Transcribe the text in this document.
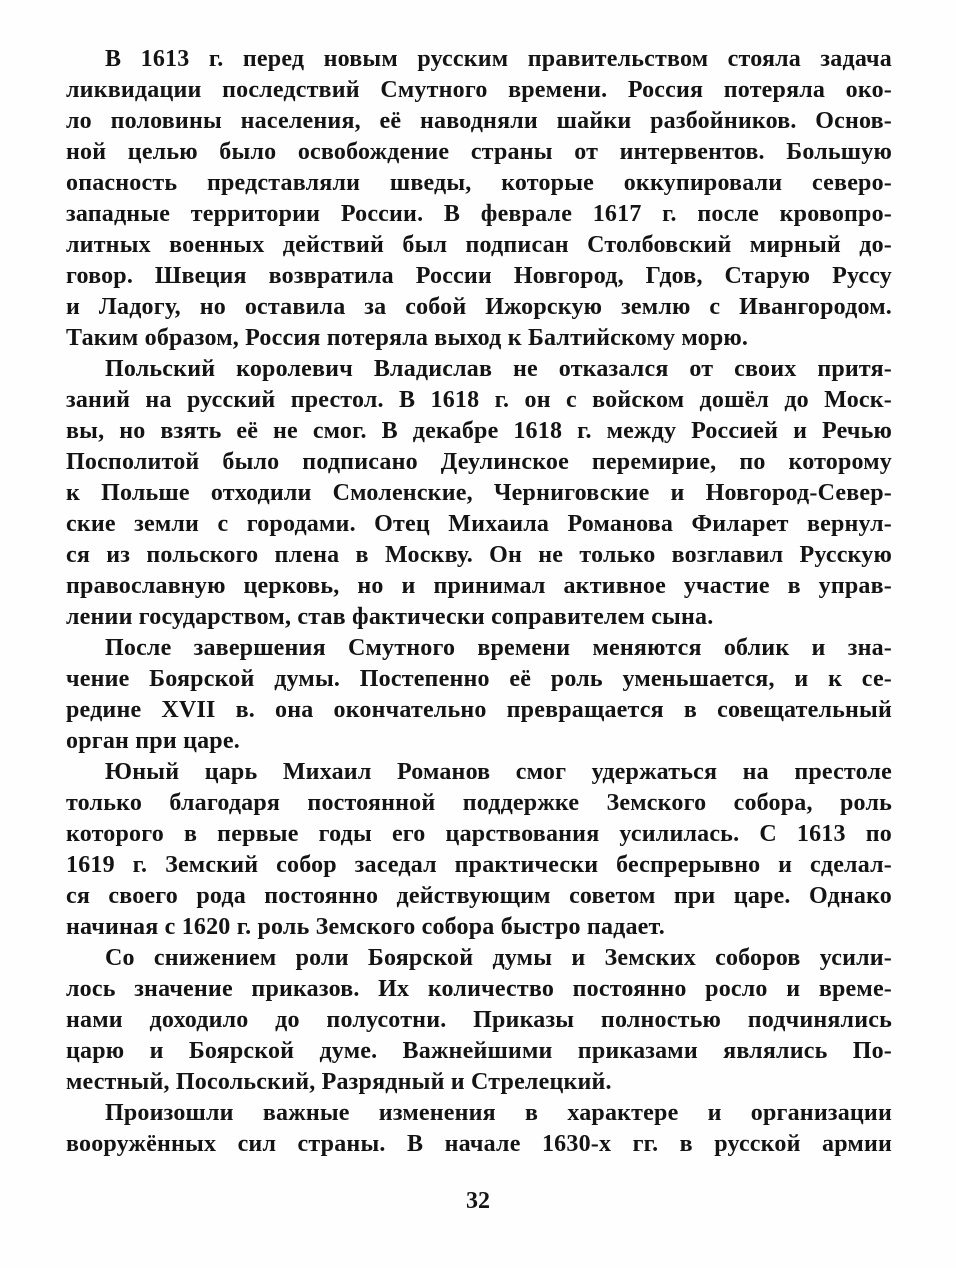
В 1613 г. перед новым русским правительством стояла задача
ликвидации последствий Смутного времени. Россия потеряла око-
ло половины населения, её наводняли шайки разбойников. Основ-
ной целью было освобождение страны от интервентов. Большую
опасность представляли шведы, которые оккупировали северо-
западные территории России. В феврале 1617 г. после кровопро-
литных военных действий был подписан Столбовский мирный до-
говор. Швеция возвратила России Новгород, Гдов, Старую Руссу
и Ладогу, но оставила за собой Ижорскую землю с Ивангородом.
Таким образом, Россия потеряла выход к Балтийскому морю.
Польский королевич Владислав не отказался от своих притя-
заний на русский престол. В 1618 г. он с войском дошёл до Моск-
вы, но взять её не смог. В декабре 1618 г. между Россией и Речью
Посполитой было подписано Деулинское перемирие, по которому
к Польше отходили Смоленские, Черниговские и Новгород-Север-
ские земли с городами. Отец Михаила Романова Филарет вернул-
ся из польского плена в Москву. Он не только возглавил Русскую
православную церковь, но и принимал активное участие в управ-
лении государством, став фактически соправителем сына.
После завершения Смутного времени меняются облик и зна-
чение Боярской думы. Постепенно её роль уменьшается, и к се-
редине XVII в. она окончательно превращается в совещательный
орган при царе.
Юный царь Михаил Романов смог удержаться на престоле
только благодаря постоянной поддержке Земского собора, роль
которого в первые годы его царствования усилилась. С 1613 по
1619 г. Земский собор заседал практически беспрерывно и сделал-
ся своего рода постоянно действующим советом при царе. Однако
начиная с 1620 г. роль Земского собора быстро падает.
Со снижением роли Боярской думы и Земских соборов усили-
лось значение приказов. Их количество постоянно росло и време-
нами доходило до полусотни. Приказы полностью подчинялись
царю и Боярской думе. Важнейшими приказами являлись По-
местный, Посольский, Разрядный и Стрелецкий.
Произошли важные изменения в характере и организации
вооружённых сил страны. В начале 1630-х гг. в русской армии
32
